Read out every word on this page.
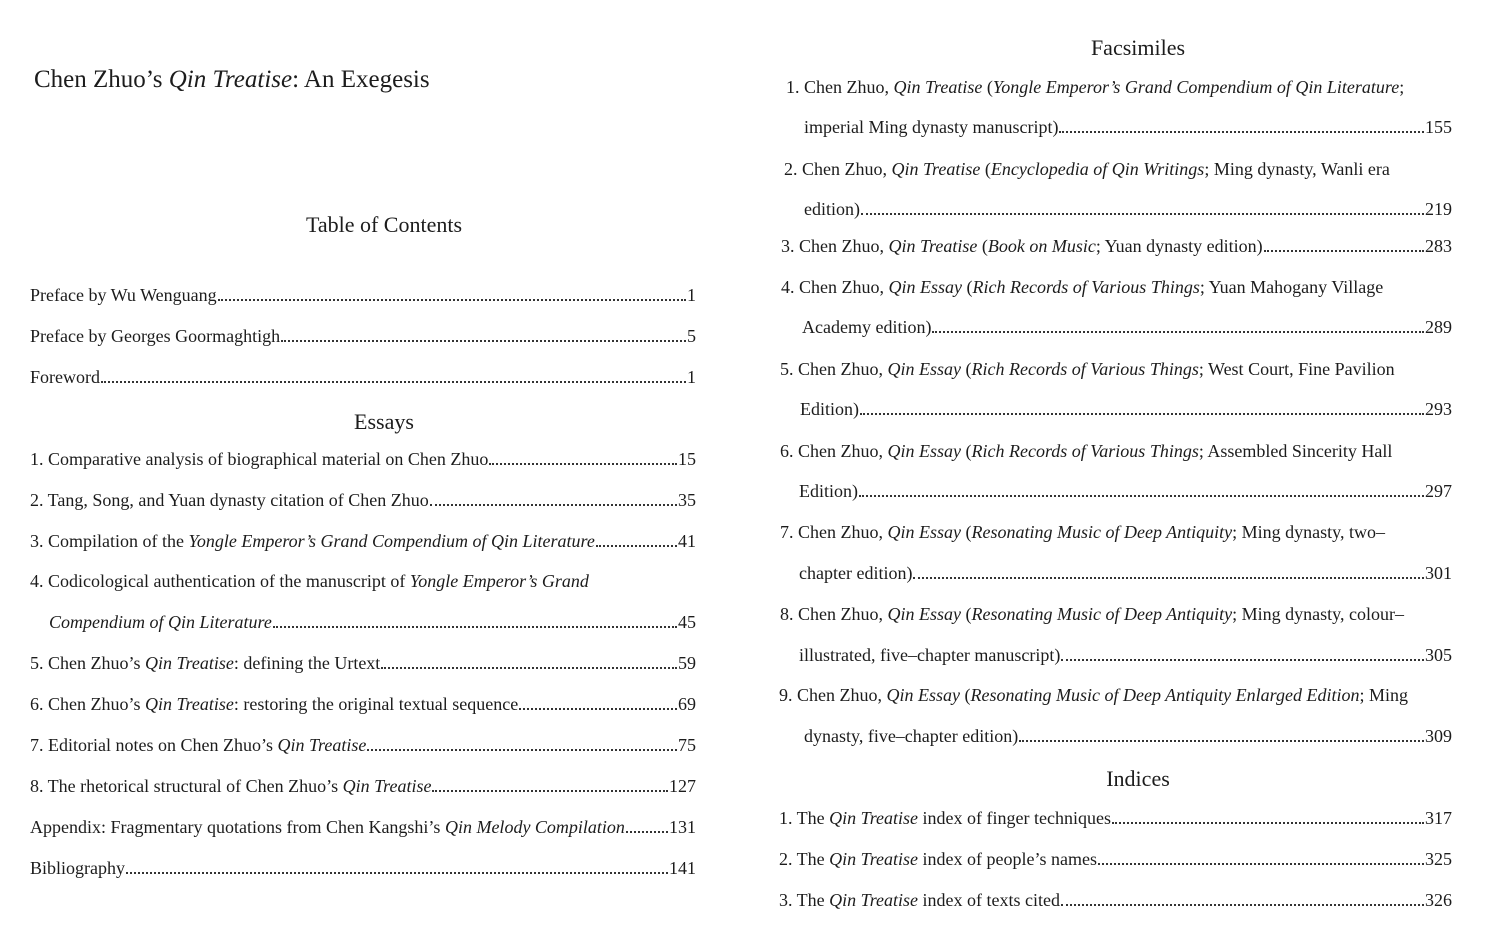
Chen Zhuo’s Qin Treatise: An Exegesis
Table of Contents
Preface by Wu Wenguang	1
Preface by Georges Goormaghtigh	5
Foreword	1
Essays
1. Comparative analysis of biographical material on Chen Zhuo	15
2. Tang, Song, and Yuan dynasty citation of Chen Zhuo	35
3. Compilation of the Yongle Emperor’s Grand Compendium of Qin Literature	41
4. Codicological authentication of the manuscript of Yongle Emperor’s Grand
Compendium of Qin Literature	45
5. Chen Zhuo’s Qin Treatise: defining the Urtext	59
6. Chen Zhuo’s Qin Treatise: restoring the original textual sequence	69
7. Editorial notes on Chen Zhuo’s Qin Treatise	75
8. The rhetorical structural of Chen Zhuo’s Qin Treatise	127
Appendix: Fragmentary quotations from Chen Kangshi’s Qin Melody Compilation 131
Bibliography	141
Facsimiles
1. Chen Zhuo, Qin Treatise (Yongle Emperor’s Grand Compendium of Qin Literature;
imperial Ming dynasty manuscript)	155
2. Chen Zhuo, Qin Treatise (Encyclopedia of Qin Writings; Ming dynasty, Wanli era
edition)	219
3. Chen Zhuo, Qin Treatise (Book on Music; Yuan dynasty edition)	283
4. Chen Zhuo, Qin Essay (Rich Records of Various Things; Yuan Mahogany Village
Academy edition)	289
5. Chen Zhuo, Qin Essay (Rich Records of Various Things; West Court, Fine Pavilion
Edition)	293
6. Chen Zhuo, Qin Essay (Rich Records of Various Things; Assembled Sincerity Hall
Edition)	297
7. Chen Zhuo, Qin Essay (Resonating Music of Deep Antiquity; Ming dynasty, two–
chapter edition)	301
8. Chen Zhuo, Qin Essay (Resonating Music of Deep Antiquity; Ming dynasty, colour–
illustrated, five–chapter manuscript)	305
9. Chen Zhuo, Qin Essay (Resonating Music of Deep Antiquity Enlarged Edition; Ming
dynasty, five–chapter edition)	309
Indices
1. The Qin Treatise index of finger techniques	317
2. The Qin Treatise index of people’s names	325
3. The Qin Treatise index of texts cited	326
